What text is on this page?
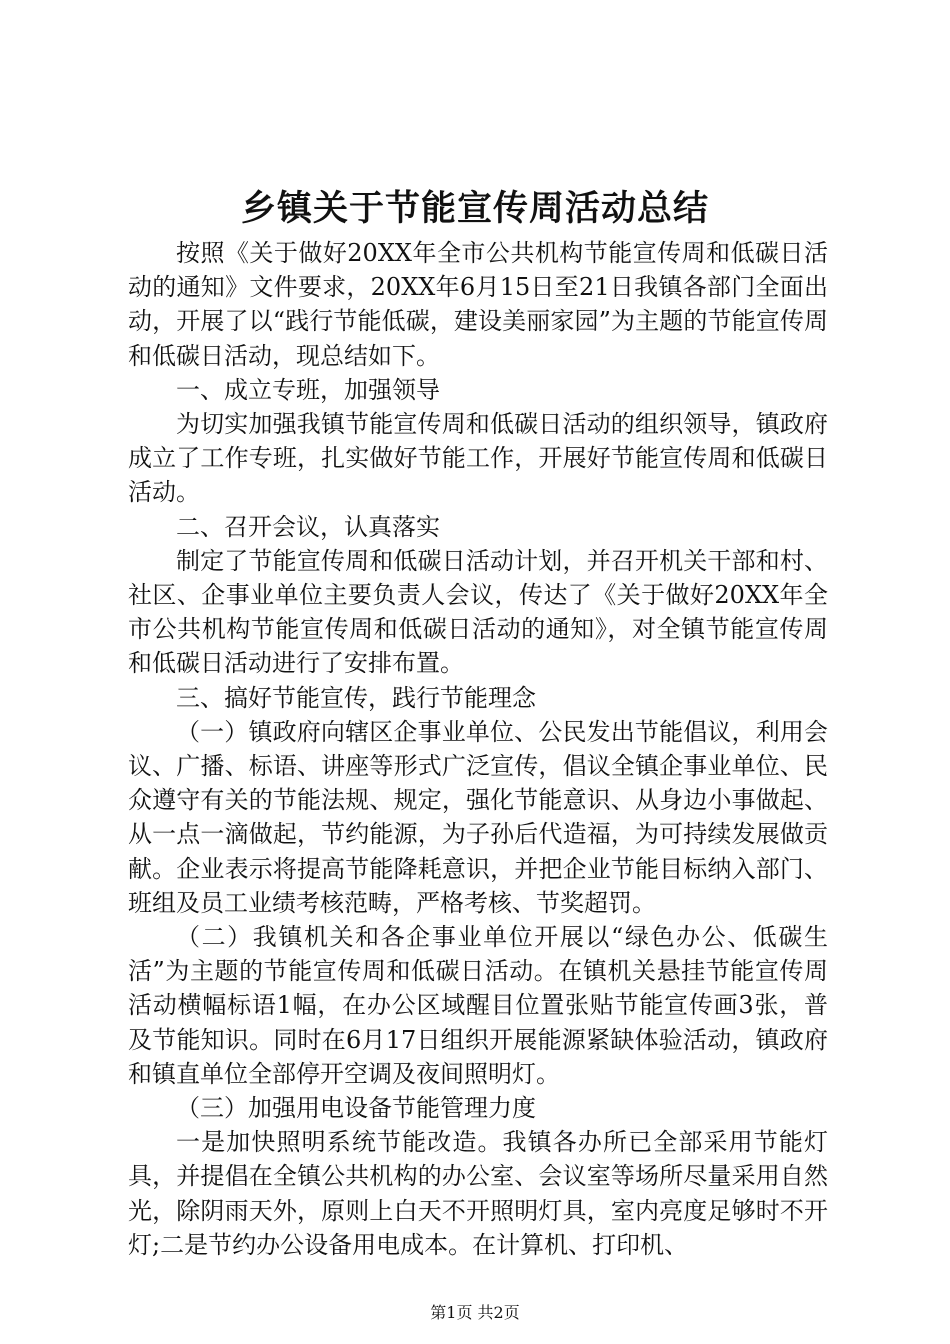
乡镇关于节能宣传周活动总结

按照《关于做好20XX年全市公共机构节能宣传周和低碳日活动的通知》文件要求，20XX年6月15日至21日我镇各部门全面出动，开展了以“践行节能低碳，建设美丽家园”为主题的节能宣传周和低碳日活动，现总结如下。

一、成立专班，加强领导

为切实加强我镇节能宣传周和低碳日活动的组织领导，镇政府成立了工作专班，扎实做好节能工作，开展好节能宣传周和低碳日活动。

二、召开会议，认真落实

制定了节能宣传周和低碳日活动计划，并召开机关干部和村、社区、企事业单位主要负责人会议，传达了《关于做好20XX年全市公共机构节能宣传周和低碳日活动的通知》，对全镇节能宣传周和低碳日活动进行了安排布置。

三、搞好节能宣传，践行节能理念

（一）镇政府向辖区企事业单位、公民发出节能倡议，利用会议、广播、标语、讲座等形式广泛宣传，倡议全镇企事业单位、民众遵守有关的节能法规、规定，强化节能意识、从身边小事做起、从一点一滴做起，节约能源，为子孙后代造福，为可持续发展做贡献。企业表示将提高节能降耗意识，并把企业节能目标纳入部门、班组及员工业绩考核范畴，严格考核、节奖超罚。

（二）我镇机关和各企事业单位开展以“绿色办公、低碳生活”为主题的节能宣传周和低碳日活动。在镇机关悬挂节能宣传周活动横幅标语1幅，在办公区域醒目位置张贴节能宣传画3张，普及节能知识。同时在6月17日组织开展能源紧缺体验活动，镇政府和镇直单位全部停开空调及夜间照明灯。

（三）加强用电设备节能管理力度

一是加快照明系统节能改造。我镇各办所已全部采用节能灯具，并提倡在全镇公共机构的办公室、会议室等场所尽量采用自然光，除阴雨天外，原则上白天不开照明灯具，室内亮度足够时不开灯;二是节约办公设备用电成本。在计算机、打印机、

第1页 共2页
